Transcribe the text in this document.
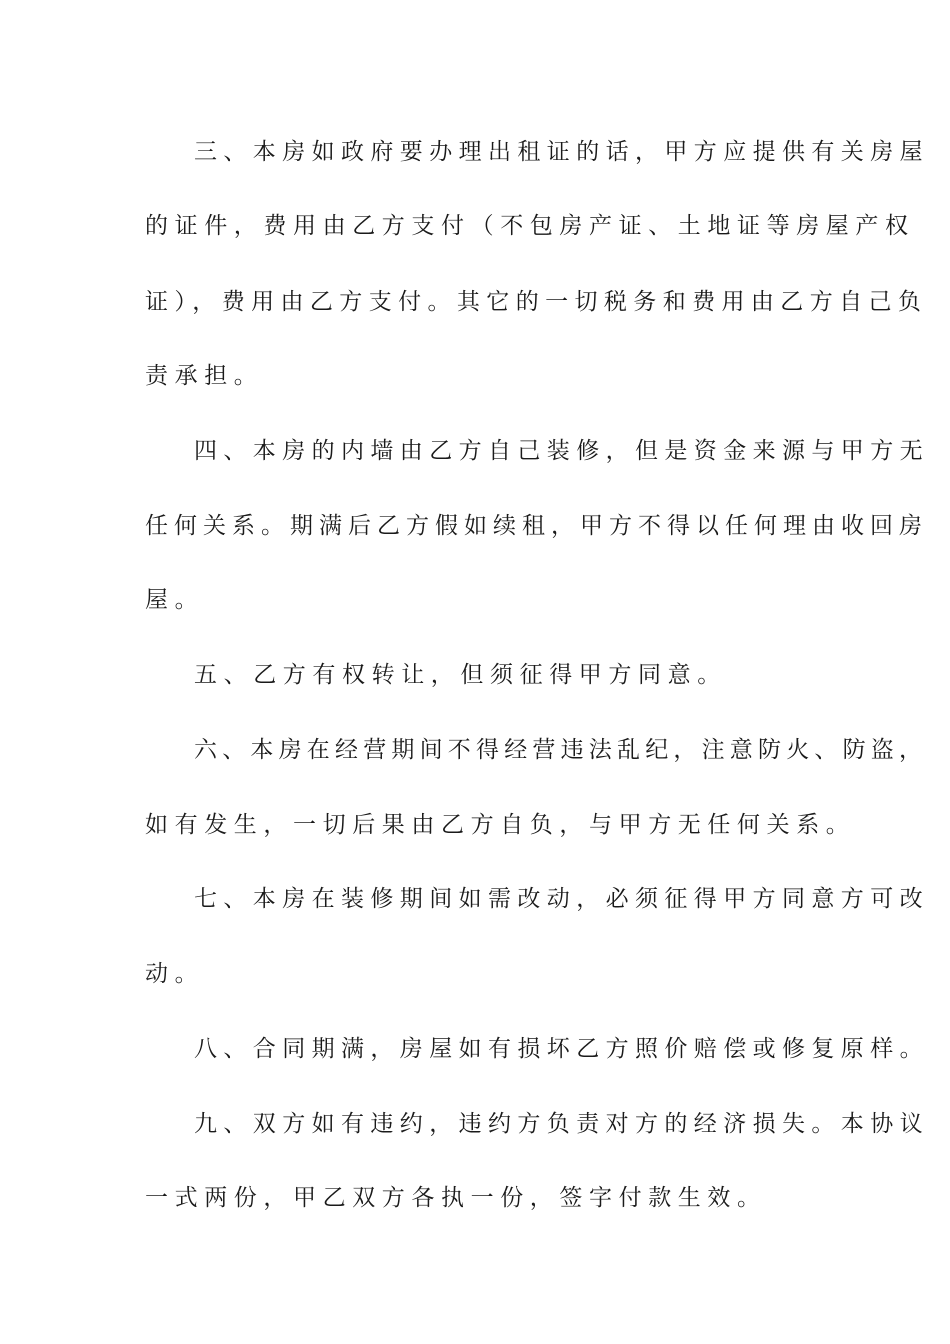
三、本房如政府要办理出租证的话，甲方应提供有关房屋
的证件，费用由乙方支付（不包房产证、土地证等房屋产权
证），费用由乙方支付。其它的一切税务和费用由乙方自己负
责承担。
四、本房的内墙由乙方自己装修，但是资金来源与甲方无
任何关系。期满后乙方假如续租，甲方不得以任何理由收回房
屋。
五、乙方有权转让，但须征得甲方同意。
六、本房在经营期间不得经营违法乱纪，注意防火、防盗，
如有发生，一切后果由乙方自负，与甲方无任何关系。
七、本房在装修期间如需改动，必须征得甲方同意方可改
动。
八、合同期满，房屋如有损坏乙方照价赔偿或修复原样。
九、双方如有违约，违约方负责对方的经济损失。本协议
一式两份，甲乙双方各执一份，签字付款生效。
